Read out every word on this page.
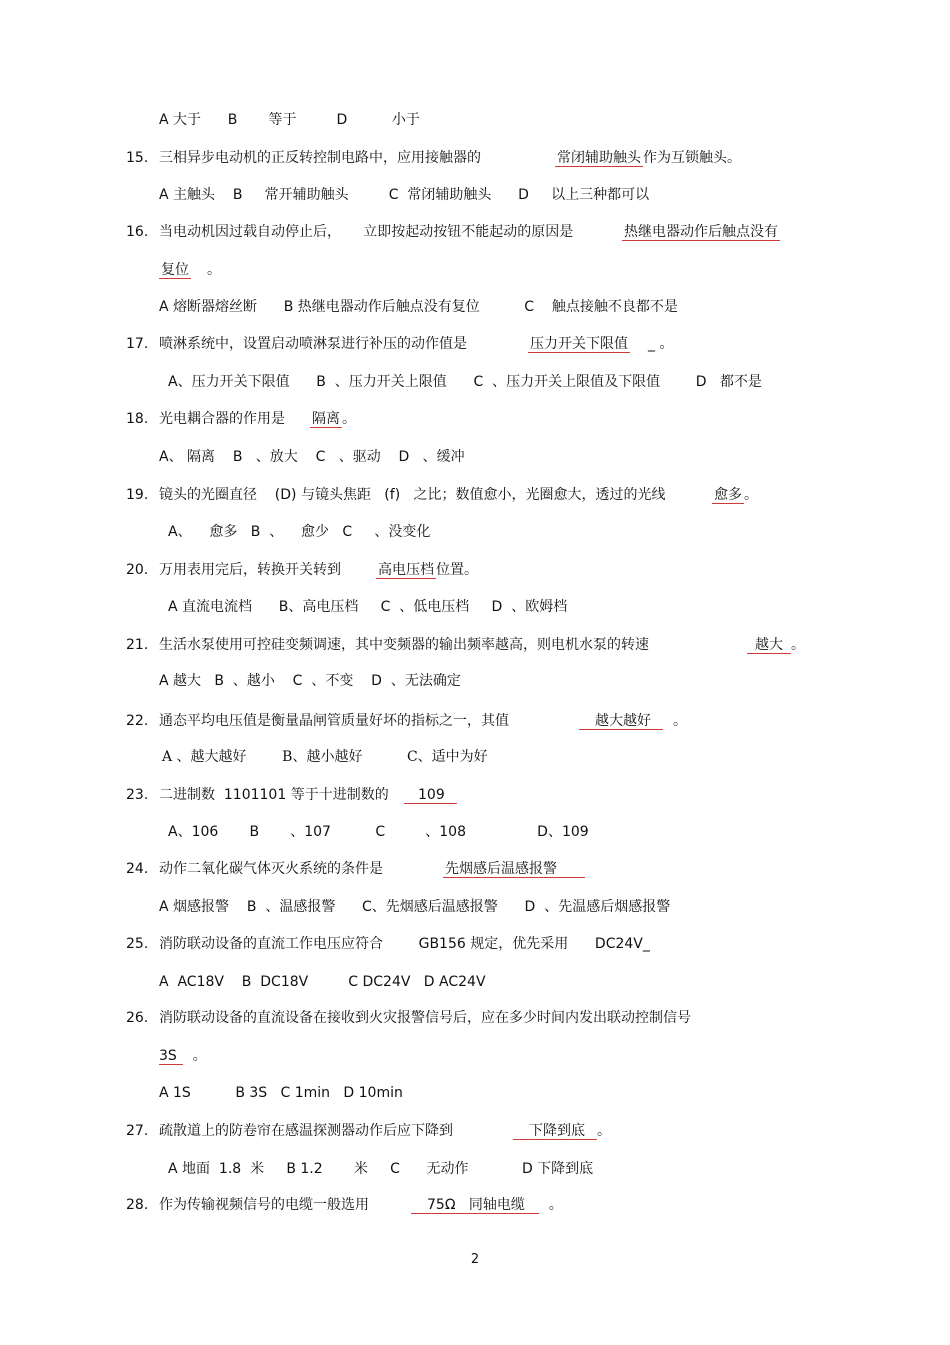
A 大于      B       等于         D          小于
15. 三相异步电动机的正反转控制电路中，应用接触器的	常闭辅助触头 作为互锁触头。
A 主触头    B     常开辅助触头         C  常闭辅助触头      D     以上三种都可以
16. 当电动机因过载自动停止后，     立即按起动按钮不能起动的原因是	热继电器动作后触点没有
复位 。
A 熔断器熔丝断      B 热继电器动作后触点没有复位          C    触点接触不良都不是
17. 喷淋系统中，设置启动喷淋泵进行补压的动作值是	压力开关下限值 _ 。
A、压力开关下限值      B  、压力开关上限值      C  、压力开关上限值及下限值        D   都不是
18. 光电耦合器的作用是 隔离 。
A、 隔离    B   、放大    C   、驱动    D   、缓冲
19. 镜头的光圈直径    (D) 与镜头焦距   (f)   之比；数值愈小，光圈愈大，透过的光线	愈多 。
A、    愈多   B  、    愈少   C     、没变化
20. 万用表用完后，转换开关转到	高电压档 位置。
A 直流电流档      B、高电压档     C  、低电压档     D  、欧姆档
21. 生活水泵使用可控硅变频调速，其中变频器的输出频率越高，则电机水泵的转速	越大 。
A 越大   B  、越小    C  、不变    D  、无法确定
22. 通态平均电压值是衡量晶闸管质量好坏的指标之一，其值	越大越好 。
A 、越大越好        B、越小越好          C、适中为好
23. 二进制数  1101101 等于十进制数的	109
A、106       B       、107          C         、108                D、109
24. 动作二氧化碳气体灭火系统的条件是	先烟感后温感报警
A 烟感报警    B  、温感报警      C、先烟感后温感报警      D  、先温感后烟感报警
25. 消防联动设备的直流工作电压应符合        GB156 规定，优先采用      DC24V_
A  AC18V    B  DC18V         C DC24V   D AC24V
26. 消防联动设备的直流设备在接收到火灾报警信号后，应在多少时间内发出联动控制信号
3S 。
A 1S          B 3S   C 1min   D 10min
27. 疏散道上的防卷帘在感温探测器动作后应下降到	下降到底 。
A 地面  1.8  米     B 1.2       米     C      无动作            D 下降到底
28. 作为传输视频信号的电缆一般选用	75Ω   同轴电缆 。
2
